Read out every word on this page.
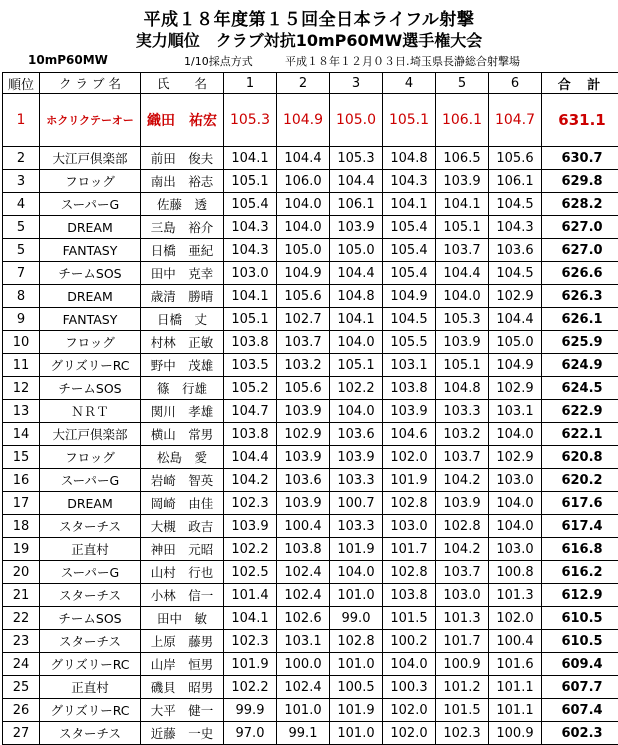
平成１８年度第１５回全日本ライフル射撃
実力順位　クラブ対抗10mP60MW選手権大会
10mP60MW	1/10採点方式	平成１８年１２月０３日. 埼玉県長瀞総合射撃場
順位	ク ラ ブ 名	氏　　名	1	2	3	4	5	6	合 計
1	ホクリクテーオー	織田　祐宏	105.3	104.9	105.0	105.1	106.1	104.7	631.1
2	大江戸倶楽部	前田　俊夫	104.1	104.4	105.3	104.8	106.5	105.6	630.7
3	フロッグ	南出　裕志	105.1	106.0	104.4	104.3	103.9	106.1	629.8
4	スーパーG	佐藤　透	105.4	104.0	106.1	104.1	104.1	104.5	628.2
5	DREAM	三島　裕介	104.3	104.0	103.9	105.4	105.1	104.3	627.0
5	FANTASY	日橋　亜紀	104.3	105.0	105.0	105.4	103.7	103.6	627.0
7	チームSOS	田中　克幸	103.0	104.9	104.4	105.4	104.4	104.5	626.6
8	DREAM	歳清　勝晴	104.1	105.6	104.8	104.9	104.0	102.9	626.3
9	FANTASY	日橋　丈	105.1	102.7	104.1	104.5	105.3	104.4	626.1
10	フロッグ	村林　正敏	103.8	103.7	104.0	105.5	103.9	105.0	625.9
11	グリズリーRC	野中　茂雄	103.5	103.2	105.1	103.1	105.1	104.9	624.9
12	チームSOS	篠　行雄	105.2	105.6	102.2	103.8	104.8	102.9	624.5
13	ＮＲＴ	関川　孝雄	104.7	103.9	104.0	103.9	103.3	103.1	622.9
14	大江戸倶楽部	横山　常男	103.8	102.9	103.6	104.6	103.2	104.0	622.1
15	フロッグ	松島　愛	104.4	103.9	103.9	102.0	103.7	102.9	620.8
16	スーパーG	岩崎　智英	104.2	103.6	103.3	101.9	104.2	103.0	620.2
17	DREAM	岡崎　由佳	102.3	103.9	100.7	102.8	103.9	104.0	617.6
18	スターチス	大槻　政吉	103.9	100.4	103.3	103.0	102.8	104.0	617.4
19	正直村	神田　元昭	102.2	103.8	101.9	101.7	104.2	103.0	616.8
20	スーパーG	山村　行也	102.5	102.4	104.0	102.8	103.7	100.8	616.2
21	スターチス	小林　信一	101.4	102.4	101.0	103.8	103.0	101.3	612.9
22	チームSOS	田中　敏	104.1	102.6	99.0	101.5	101.3	102.0	610.5
23	スターチス	上原　藤男	102.3	103.1	102.8	100.2	101.7	100.4	610.5
24	グリズリーRC	山岸　恒男	101.9	100.0	101.0	104.0	100.9	101.6	609.4
25	正直村	磯貝　昭男	102.2	102.4	100.5	100.3	101.2	101.1	607.7
26	グリズリーRC	大平　健一	99.9	101.0	101.9	102.0	101.5	101.1	607.4
27	スターチス	近藤　一史	97.0	99.1	101.0	102.0	102.3	100.9	602.3
